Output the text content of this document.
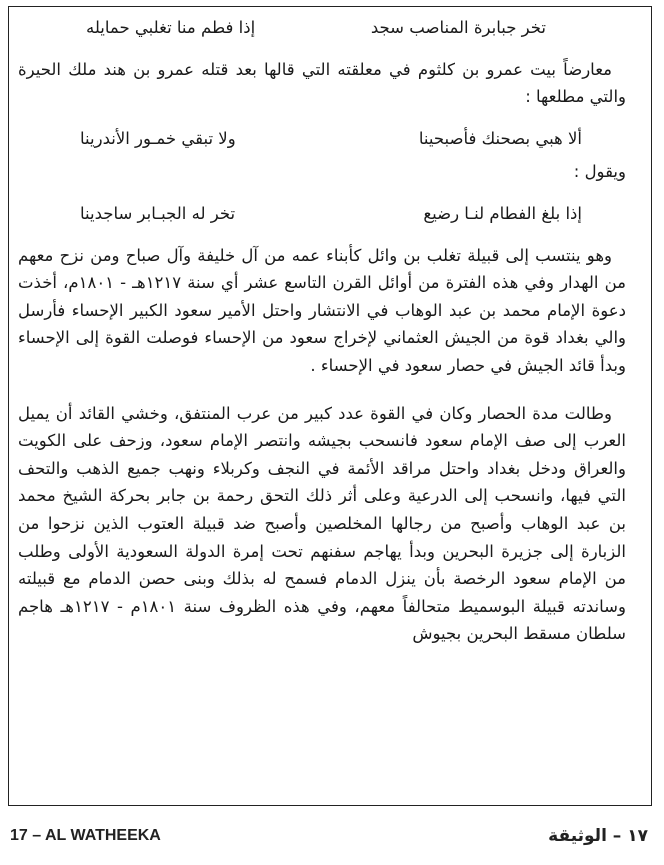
تخر جبابرة المناصب سجد
إذا فطم منا تغلبي حمايله

معارضاً بيت عمرو بن كلثوم في معلقته التي قالها بعد قتله عمرو بن هند ملك الحيرة والتي مطلعها :

ألا هبي بصحنك فأصبحينا
ولا تبقي خمـور الأندرينا

ويقول :

إذا بلغ الفطام لنـا رضيع
تخر له الجبـابر ساجدينا

وهو ينتسب إلى قبيلة تغلب بن وائل كأبناء عمه من آل خليفة وآل صباح ومن نزح معهم من الهدار وفي هذه الفترة من أوائل القرن التاسع عشر أي سنة ١٢١٧هـ - ١٨٠١م، أخذت دعوة الإمام محمد بن عبد الوهاب في الانتشار واحتل الأمير سعود الكبير الإحساء فأرسل والي بغداد قوة من الجيش العثماني لإخراج سعود من الإحساء فوصلت القوة إلى الإحساء وبدأ قائد الجيش في حصار سعود في الإحساء .

وطالت مدة الحصار وكان في القوة عدد كبير من عرب المنتفق، وخشي القائد أن يميل العرب إلى صف الإمام سعود فانسحب بجيشه وانتصر الإمام سعود، وزحف على الكويت والعراق ودخل بغداد واحتل مراقد الأئمة في النجف وكربلاء ونهب جميع الذهب والتحف التي فيها، وانسحب إلى الدرعية وعلى أثر ذلك التحق رحمة بن جابر بحركة الشيخ محمد بن عبد الوهاب وأصبح من رجالها المخلصين وأصبح ضد قبيلة العتوب الذين نزحوا من الزبارة إلى جزيرة البحرين وبدأ يهاجم سفنهم تحت إمرة الدولة السعودية الأولى وطلب من الإمام سعود الرخصة بأن ينزل الدمام فسمح له بذلك وبنى حصن الدمام مع قبيلته وساندته قبيلة البوسميط متحالفاً معهم، وفي هذه الظروف سنة ١٨٠١م - ١٢١٧هـ هاجم سلطان مسقط البحرين بجيوش

17 – AL WATHEEKA	١٧ – الوثيقة
